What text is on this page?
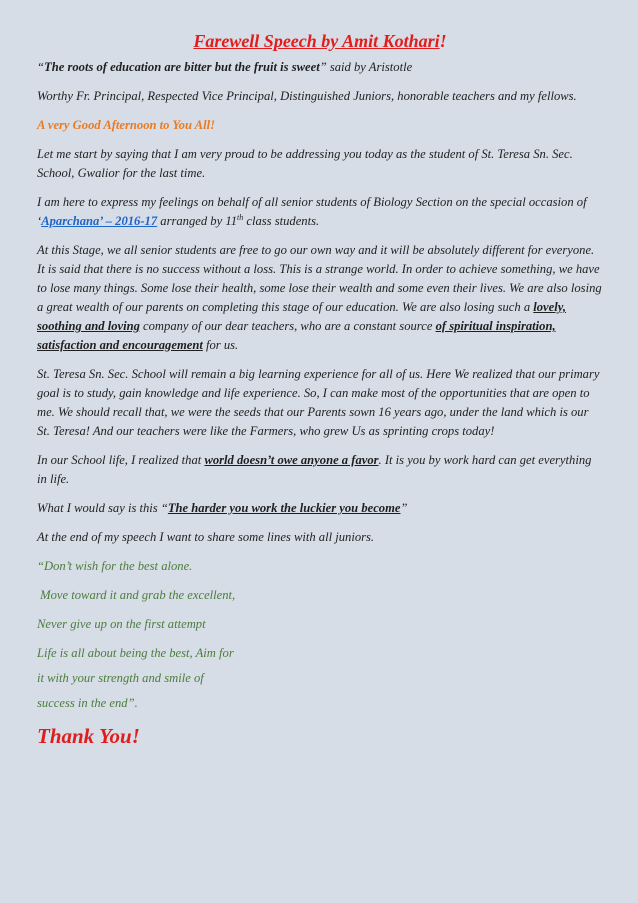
Farewell Speech by Amit Kothari!

“The roots of education are bitter but the fruit is sweet” said by Aristotle

Worthy Fr. Principal, Respected Vice Principal, Distinguished Juniors, honorable teachers and my fellows.

A very Good Afternoon to You All!

Let me start by saying that I am very proud to be addressing you today as the student of St. Teresa Sn. Sec. School, Gwalior for the last time.

I am here to express my feelings on behalf of all senior students of Biology Section on the special occasion of ‘Aparchana’ – 2016-17 arranged by 11th class students.

At this Stage, we all senior students are free to go our own way and it will be absolutely different for everyone. It is said that there is no success without a loss. This is a strange world. In order to achieve something, we have to lose many things. Some lose their health, some lose their wealth and some even their lives. We are also losing a great wealth of our parents on completing this stage of our education. We are also losing such a lovely, soothing and loving company of our dear teachers, who are a constant source of spiritual inspiration, satisfaction and encouragement for us.

St. Teresa Sn. Sec. School will remain a big learning experience for all of us. Here We realized that our primary goal is to study, gain knowledge and life experience. So, I can make most of the opportunities that are open to me. We should recall that, we were the seeds that our Parents sown 16 years ago, under the land which is our St. Teresa! And our teachers were like the Farmers, who grew Us as sprinting crops today!

In our School life, I realized that world doesn’t owe anyone a favor. It is you by work hard can get everything in life.

What I would say is this “The harder you work the luckier you become”

At the end of my speech I want to share some lines with all juniors.

“Don’t wish for the best alone.
Move toward it and grab the excellent,
Never give up on the first attempt
Life is all about being the best, Aim for
it with your strength and smile of
success in the end”.
Thank You!
